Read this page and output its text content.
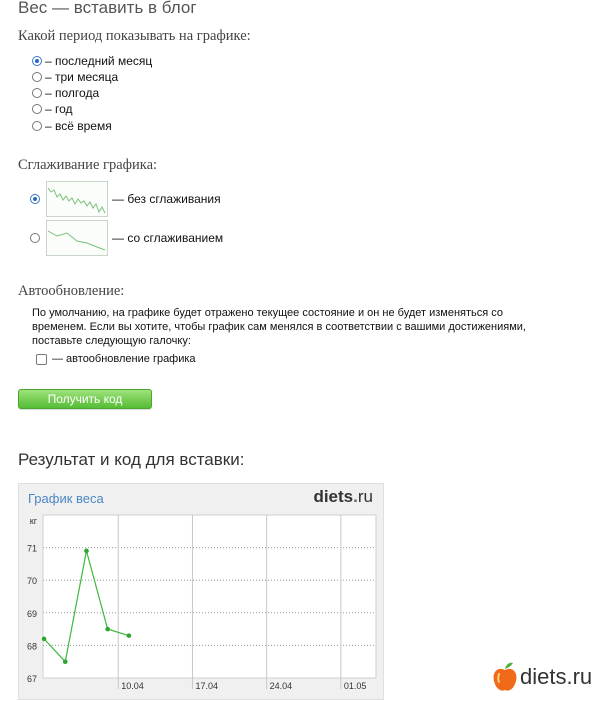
Вес — вставить в блог
Какой период показывать на графике:
– последний месяц
– три месяца
– полгода
– год
– всё время
Сглаживание графика:
— без сглаживания
— со сглаживанием
Автообновление:
По умолчанию, на графике будет отражено текущее состояние и он не будет изменяться со временем. Если вы хотите, чтобы график сам менялся в соответствии с вашими достижениями, поставьте следующую галочку:
— автообновление графика
Получить код
Результат и код для вставки:
67
68
69
70
71
кг
10.04	17.04	24.04	01.05
График веса	diets.ru
diets.ru
